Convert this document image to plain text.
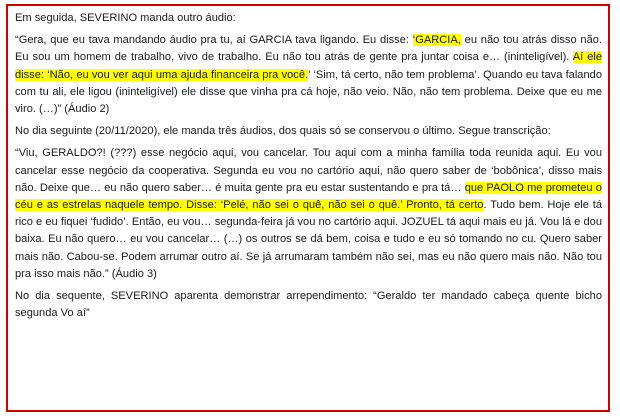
Em seguida, SEVERINO manda outro áudio:

“Gera, que eu tava mandando áudio pra tu, aí GARCIA tava ligando. Eu disse: ‘GARCIA, eu não tou atrás disso não. Eu sou um homem de trabalho, vivo de trabalho. Eu não tou atrás de gente pra juntar coisa e… (ininteligível). Aí ele disse: ‘Não, eu vou ver aqui uma ajuda financeira pra você.’ ‘Sim, tá certo, não tem problema’. Quando eu tava falando com tu ali, ele ligou (ininteligível) ele disse que vinha pra cá hoje, não veio. Não, não tem problema. Deixe que eu me viro. (…)” (Áudio 2)

No dia seguinte (20/11/2020), ele manda três áudios, dos quais só se conservou o último. Segue transcrição:

“Viu, GERALDO?! (???) esse negócio aqui, vou cancelar. Tou aqui com a minha família toda reunida aqui. Eu vou cancelar esse negócio da cooperativa. Segunda eu vou no cartório aqui, não quero saber de ‘bobônica’, disso mais não. Deixe que… eu não quero saber… é muita gente pra eu estar sustentando e pra tá… que PAOLO me prometeu o céu e as estrelas naquele tempo. Disse: ‘Pelé, não sei o quê, não sei o quê.’ Pronto, tá certo. Tudo bem. Hoje ele tá rico e eu fiquei ‘fudido’. Então, eu vou… segunda-feira já vou no cartório aqui. JOZUEL tá aqui mais eu já. Vou lá e dou baixa. Eu não quero… eu vou cancelar… (…) os outros se dá bem, coisa e tudo e eu só tomando no cu. Quero saber mais não. Cabou-se. Podem arrumar outro aí. Se já arrumaram também não sei, mas eu não quero mais não. Não tou pra isso mais não.” (Áudio 3)

No dia sequente, SEVERINO aparenta demonstrar arrependimento: “Geraldo ter mandado cabeça quente bicho segunda Vo aí”
